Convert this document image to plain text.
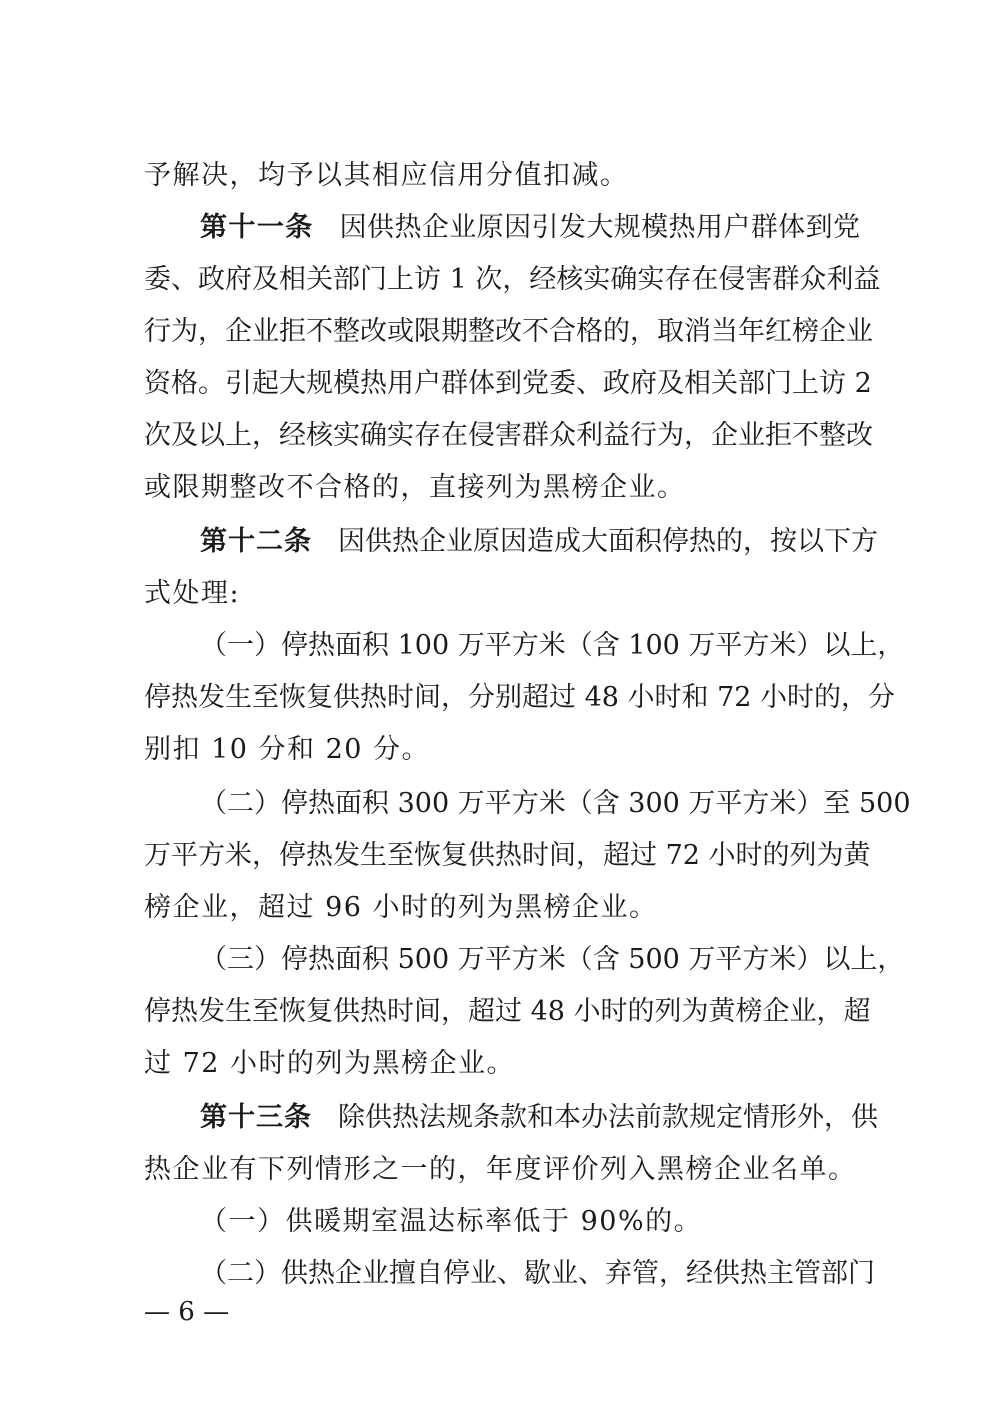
予解决，均予以其相应信用分值扣减。
第十一条 因供热企业原因引发大规模热用户群体到党
委、政府及相关部门上访 1 次，经核实确实存在侵害群众利益
行为，企业拒不整改或限期整改不合格的，取消当年红榜企业
资格。引起大规模热用户群体到党委、政府及相关部门上访 2
次及以上，经核实确实存在侵害群众利益行为，企业拒不整改
或限期整改不合格的，直接列为黑榜企业。
第十二条 因供热企业原因造成大面积停热的，按以下方
式处理:
（一）停热面积 100 万平方米（含 100 万平方米）以上，
停热发生至恢复供热时间，分别超过 48 小时和 72 小时的，分
别扣 10 分和 20 分。
（二）停热面积 300 万平方米（含 300 万平方米）至 500
万平方米，停热发生至恢复供热时间，超过 72 小时的列为黄
榜企业，超过 96 小时的列为黑榜企业。
（三）停热面积 500 万平方米（含 500 万平方米）以上，
停热发生至恢复供热时间，超过 48 小时的列为黄榜企业，超
过 72 小时的列为黑榜企业。
第十三条 除供热法规条款和本办法前款规定情形外，供
热企业有下列情形之一的，年度评价列入黑榜企业名单。
（一）供暖期室温达标率低于 90%的。
（二）供热企业擅自停业、歇业、弃管，经供热主管部门
— 6 —
